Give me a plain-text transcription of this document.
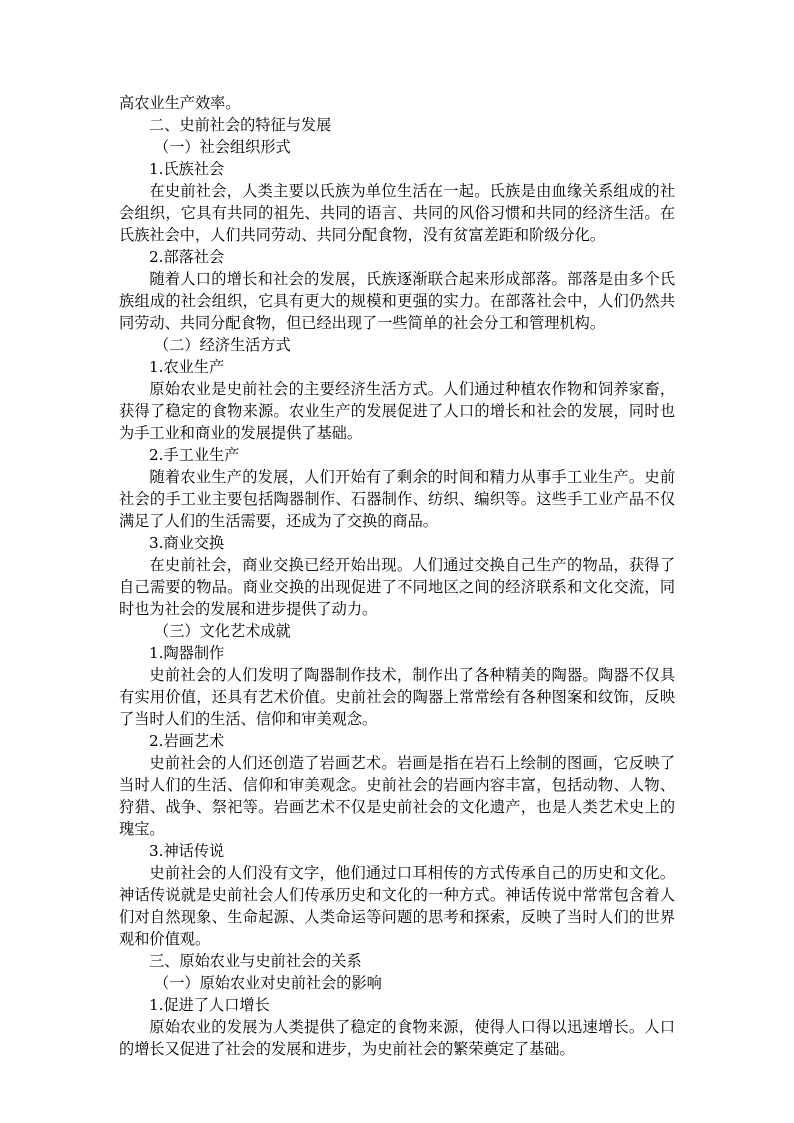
高农业生产效率。

二、史前社会的特征与发展
（一）社会组织形式
1.氏族社会

在史前社会，人类主要以氏族为单位生活在一起。氏族是由血缘关系组成的社会组织，它具有共同的祖先、共同的语言、共同的风俗习惯和共同的经济生活。在氏族社会中，人们共同劳动、共同分配食物，没有贫富差距和阶级分化。

2.部落社会

随着人口的增长和社会的发展，氏族逐渐联合起来形成部落。部落是由多个氏族组成的社会组织，它具有更大的规模和更强的实力。在部落社会中，人们仍然共同劳动、共同分配食物，但已经出现了一些简单的社会分工和管理机构。

（二）经济生活方式
1.农业生产

原始农业是史前社会的主要经济生活方式。人们通过种植农作物和饲养家畜，获得了稳定的食物来源。农业生产的发展促进了人口的增长和社会的发展，同时也为手工业和商业的发展提供了基础。

2.手工业生产

随着农业生产的发展，人们开始有了剩余的时间和精力从事手工业生产。史前社会的手工业主要包括陶器制作、石器制作、纺织、编织等。这些手工业产品不仅满足了人们的生活需要，还成为了交换的商品。

3.商业交换

在史前社会，商业交换已经开始出现。人们通过交换自己生产的物品，获得了自己需要的物品。商业交换的出现促进了不同地区之间的经济联系和文化交流，同时也为社会的发展和进步提供了动力。

（三）文化艺术成就
1.陶器制作

史前社会的人们发明了陶器制作技术，制作出了各种精美的陶器。陶器不仅具有实用价值，还具有艺术价值。史前社会的陶器上常常绘有各种图案和纹饰，反映了当时人们的生活、信仰和审美观念。

2.岩画艺术

史前社会的人们还创造了岩画艺术。岩画是指在岩石上绘制的图画，它反映了当时人们的生活、信仰和审美观念。史前社会的岩画内容丰富，包括动物、人物、狩猎、战争、祭祀等。岩画艺术不仅是史前社会的文化遗产，也是人类艺术史上的瑰宝。

3.神话传说

史前社会的人们没有文字，他们通过口耳相传的方式传承自己的历史和文化。神话传说就是史前社会人们传承历史和文化的一种方式。神话传说中常常包含着人们对自然现象、生命起源、人类命运等问题的思考和探索，反映了当时人们的世界观和价值观。

三、原始农业与史前社会的关系
（一）原始农业对史前社会的影响
1.促进了人口增长

原始农业的发展为人类提供了稳定的食物来源，使得人口得以迅速增长。人口的增长又促进了社会的发展和进步，为史前社会的繁荣奠定了基础。
